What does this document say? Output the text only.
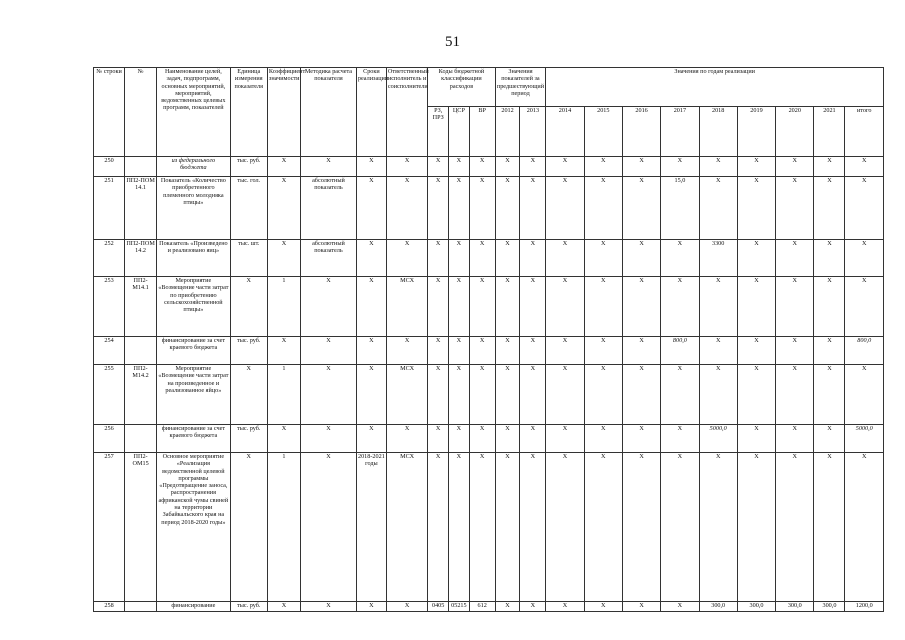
51
№ строки	№	Наименование целей, задач, подпрограмм, основных мероприятий, мероприятий, ведомственных целевых программ, показателей	Единица измерения показателя	Коэффициент значимости	Методика расчета показателя	Сроки реализации	Ответственный исполнитель и соисполнители	Коды бюджетной классификации расходов			Значения показателей за предшествующий период		Значения по годам реализации								
								РЗ, ПРЗ	ЦСР	ВР	2012	2013	2014	2015	2016	2017	2018	2019	2020	2021	итого
250		из федерального бюджета	тыс. руб.	X	X	X	X	X	X	X	X	X	X	X	X	X	X	X	X	X	X
251	ПП2-ПОМ 14.1	Показатель «Количество приобретенного племенного молодняка птицы»	тыс. гол.	X	абсолютный показатель	X	X	X	X	X	X	X	X	X	X	15,0	X	X	X	X	X
252	ПП2-ПОМ 14.2	Показатель «Произведено и реализовано яиц»	тыс. шт.	X	абсолютный показатель	X	X	X	X	X	X	X	X	X	X	X	3300	X	X	X	X
253	ПП2-М14.1	Мероприятие «Возмещение части затрат по приобретению сельскохозяйственной птицы»	X	1	X	X	МСХ	X	X	X	X	X	X	X	X	X	X	X	X	X	X
254		финансирование за счет краевого бюджета	тыс. руб.	X	X	X	X	X	X	X	X	X	X	X	X	800,0	X	X	X	X	800,0
255	ПП2-М14.2	Мероприятие «Возмещение части затрат на произведенное и реализованное яйцо»	X	1	X	X	МСХ	X	X	X	X	X	X	X	X	X	X	X	X	X	X
256		финансирование за счет краевого бюджета	тыс. руб.	X	X	X	X	X	X	X	X	X	X	X	X	X	5000,0	X	X	X	5000,0
257	ПП2-ОМ15	Основное мероприятие «Реализация ведомственной целевой программы «Предотвращение заноса, распространения африканской чумы свиней на территории Забайкальского края на период 2018-2020 годы»	X	1	X	2018-2021 годы	МСХ	X	X	X	X	X	X	X	X	X	X	X	X	X	X
258		финансирование	тыс. руб.	X	X	X	X	0405	05215	612	X	X	X	X	X	X	300,0	300,0	300,0	300,0	1200,0
